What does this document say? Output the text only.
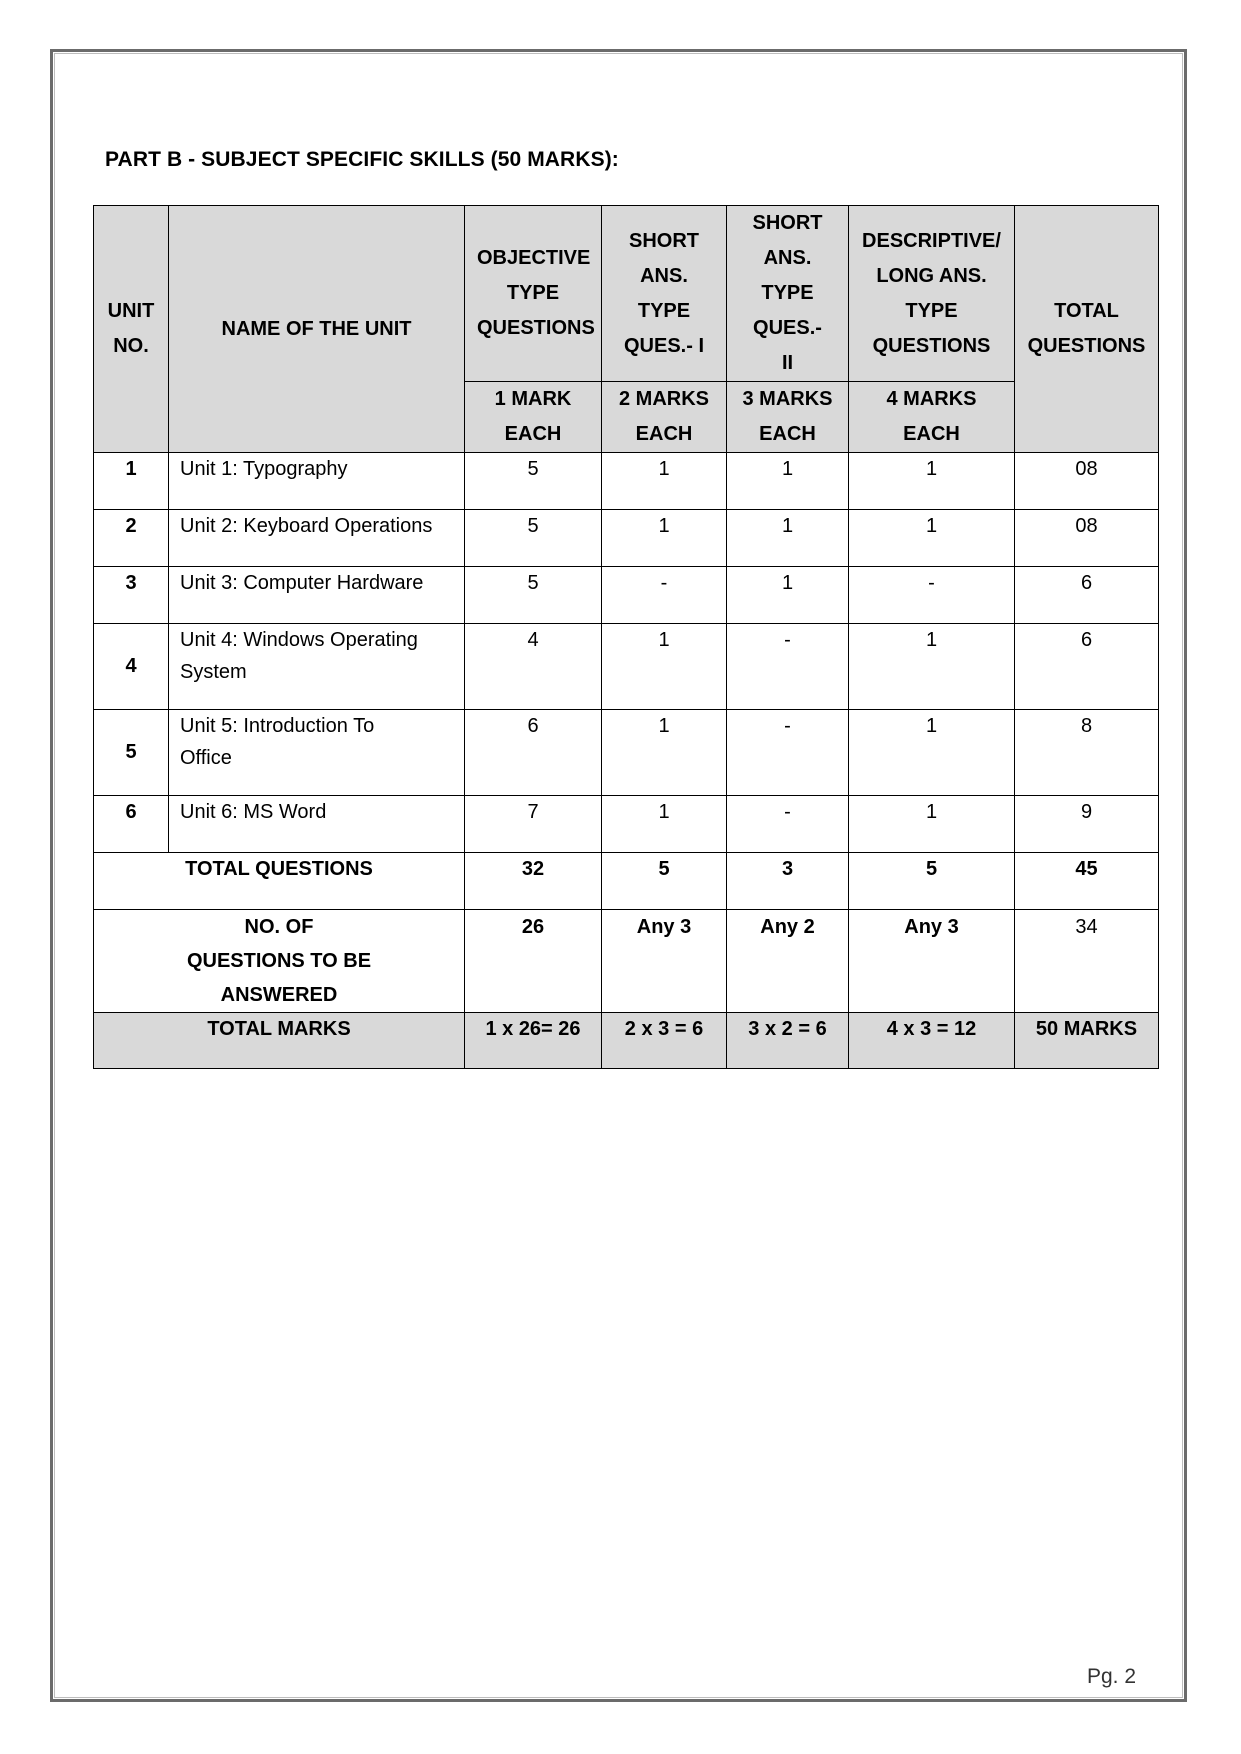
PART B - SUBJECT SPECIFIC SKILLS (50 MARKS):
UNIT NO.	NAME OF THE UNIT	OBJECTIVE TYPE QUESTIONS	SHORT ANS. TYPE QUES.- I	SHORT ANS. TYPE QUES.- II	DESCRIPTIVE/ LONG ANS. TYPE QUESTIONS	TOTAL QUESTIONS
		1 MARK EACH	2 MARKS EACH	3 MARKS EACH	4 MARKS EACH	
1	Unit 1: Typography	5	1	1	1	08
2	Unit 2: Keyboard Operations	5	1	1	1	08
3	Unit 3: Computer Hardware	5	-	1	-	6
4	Unit 4: Windows Operating System	4	1	-	1	6
5	Unit 5: Introduction To Office	6	1	-	1	8
6	Unit 6: MS Word	7	1	-	1	9
TOTAL QUESTIONS		32	5	3	5	45
NO. OF QUESTIONS TO BE ANSWERED		26	Any 3	Any 2	Any 3	34
TOTAL MARKS		1 x 26= 26	2 x 3 = 6	3 x 2 = 6	4 x 3 = 12	50 MARKS
Pg. 2
